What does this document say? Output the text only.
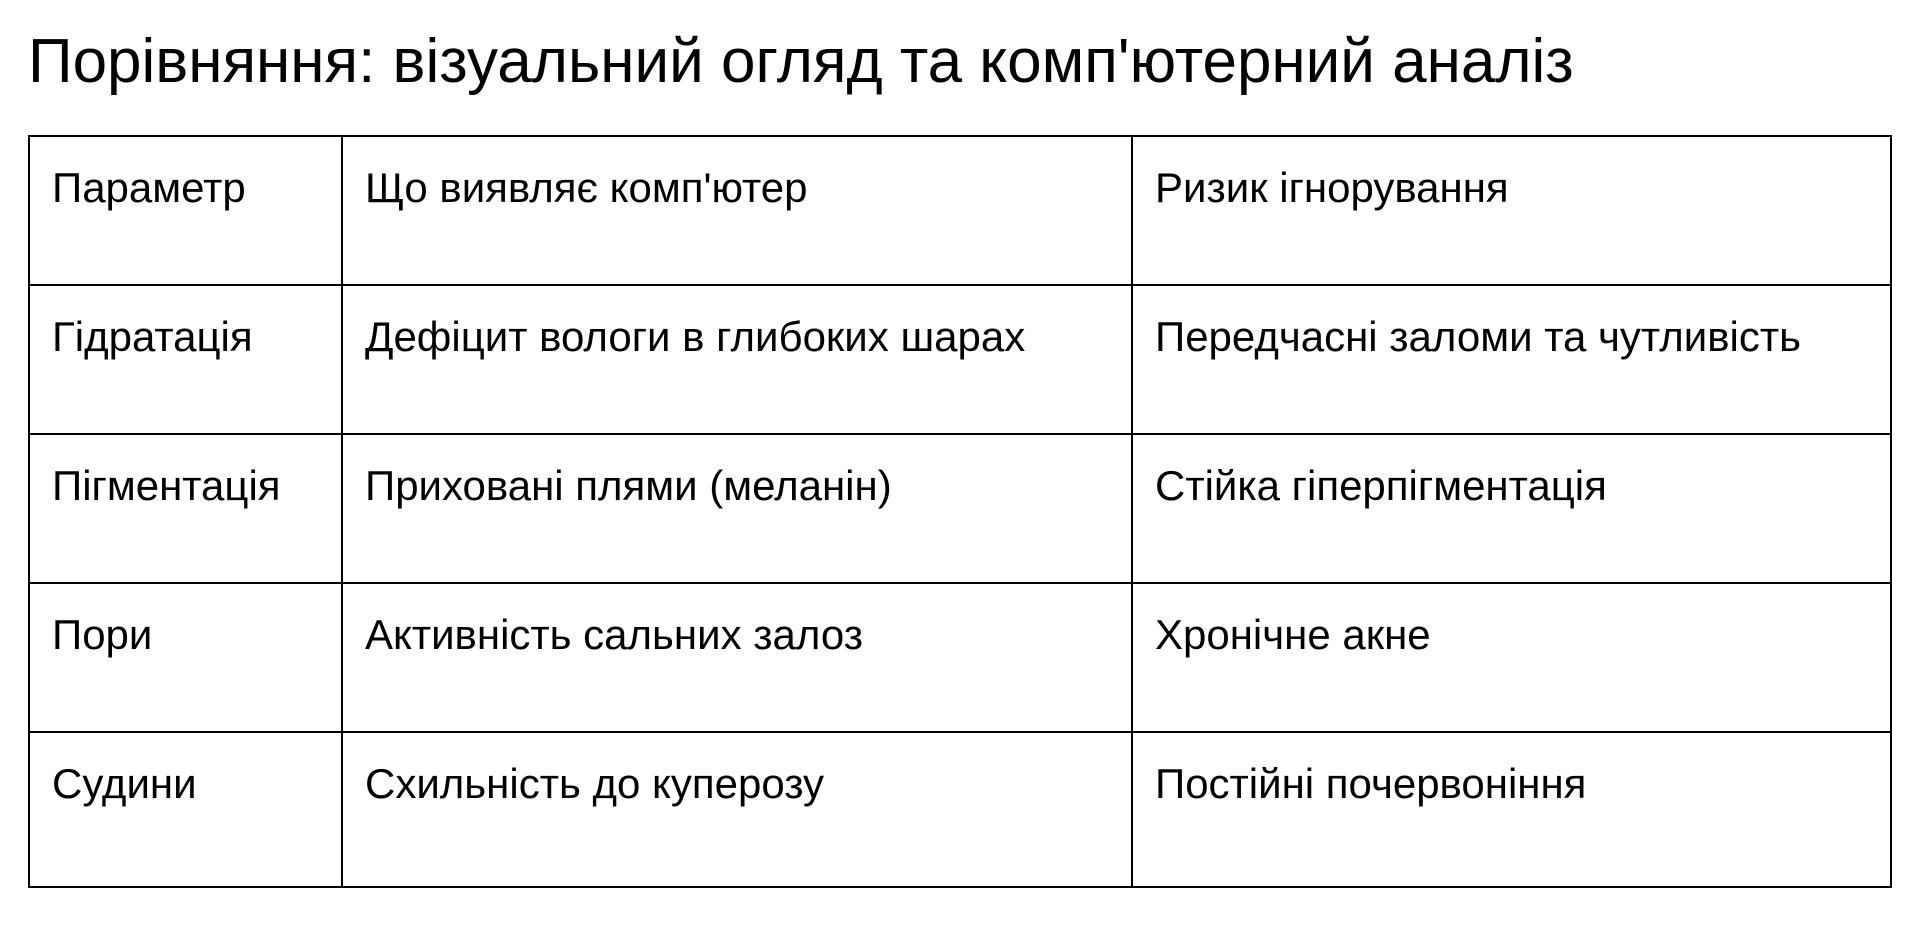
Порівняння: візуальний огляд та комп'ютерний аналіз
Параметр	Що виявляє комп'ютер	Ризик ігнорування
Гідратація	Дефіцит вологи в глибоких шарах	Передчасні заломи та чутливість
Пігментація	Приховані плями (меланін)	Стійка гіперпігментація
Пори	Активність сальних залоз	Хронічне акне
Судини	Схильність до куперозу	Постійні почервоніння
